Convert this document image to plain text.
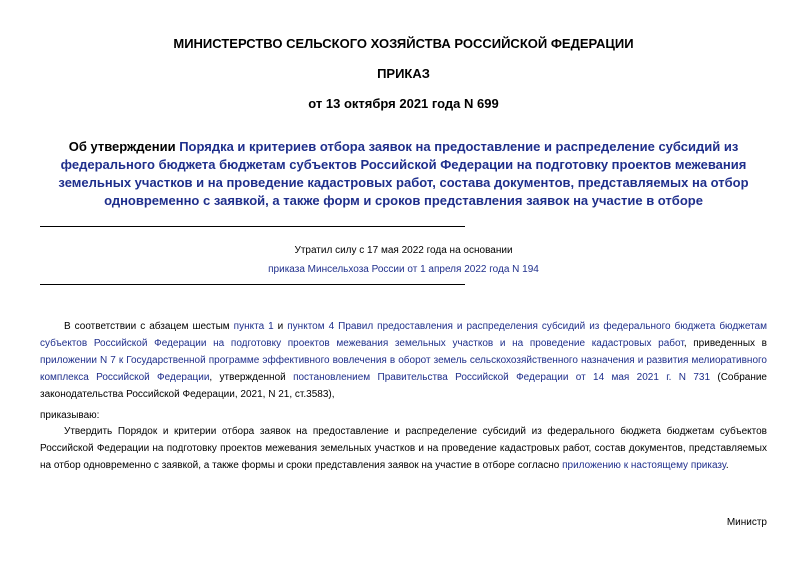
МИНИСТЕРСТВО СЕЛЬСКОГО ХОЗЯЙСТВА РОССИЙСКОЙ ФЕДЕРАЦИИ
ПРИКАЗ
от 13 октября 2021 года N 699
Об утверждении Порядка и критериев отбора заявок на предоставление и распределение субсидий из федерального бюджета бюджетам субъектов Российской Федерации на подготовку проектов межевания земельных участков и на проведение кадастровых работ, состава документов, представляемых на отбор одновременно с заявкой, а также форм и сроков представления заявок на участие в отборе
Утратил силу с 17 мая 2022 года на основании
приказа Минсельхоза России от 1 апреля 2022 года N 194
В соответствии с абзацем шестым пункта 1 и пунктом 4 Правил предоставления и распределения субсидий из федерального бюджета бюджетам субъектов Российской Федерации на подготовку проектов межевания земельных участков и на проведение кадастровых работ, приведенных в приложении N 7 к Государственной программе эффективного вовлечения в оборот земель сельскохозяйственного назначения и развития мелиоративного комплекса Российской Федерации, утвержденной постановлением Правительства Российской Федерации от 14 мая 2021 г. N 731 (Собрание законодательства Российской Федерации, 2021, N 21, ст.3583),
приказываю:
Утвердить Порядок и критерии отбора заявок на предоставление и распределение субсидий из федерального бюджета бюджетам субъектов Российской Федерации на подготовку проектов межевания земельных участков и на проведение кадастровых работ, состав документов, представляемых на отбор одновременно с заявкой, а также формы и сроки представления заявок на участие в отборе согласно приложению к настоящему приказу.
Министр
